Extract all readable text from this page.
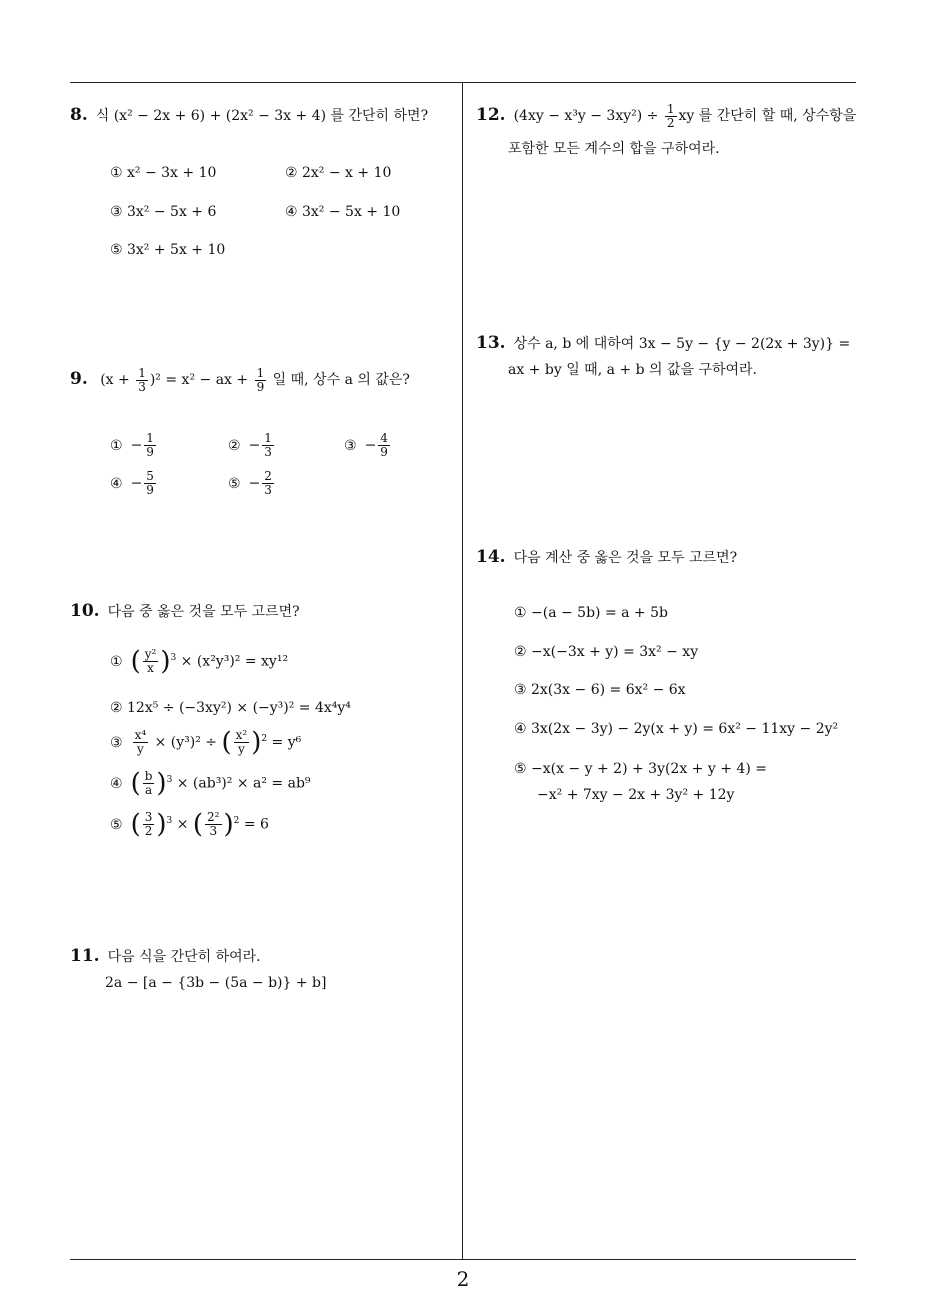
2
8. 식 (x² − 2x + 6) + (2x² − 3x + 4) 를 간단히 하면?
① x² − 3x + 10	② 2x² − x + 10
③ 3x² − 5x + 6	④ 3x² − 5x + 10
⑤ 3x² + 5x + 10
9. $(x + \frac{1}{3} )^2 = x^2$ − ax + $\frac{1}{9}$ 일 때, 상수 a 의 값은?
① − $\frac{1}{9}$	② − $\frac{1}{3}$	③ − $\frac{4}{9}$
④ − $\frac{5}{9}$	⑤ − $\frac{2}{3}$
10. 다음 중 옳은 것을 모두 고르면?
① ( $\frac{\text{y²}}{x} )^3 \times (x^2y^3)^2 = xy^{12}$
② 12x⁵ ÷ (−3xy²) × (−y³)² = 4x⁴y⁴
③ $\frac{\text{x⁴}}{y} \times (y^3)^2$ ÷ ( $\frac{\text{x²}}{y} )^2 = y^6$
④ ( $\frac{b}{a} )^3 \times (ab^3)^2 \times a^2 = ab^9$
⑤ ( $\frac{3}{2} )^3$ × ( $\frac{\text{2²}}{3} )^2 = 6$
11. 다음 식을 간단히 하여라.
2a − [a − {3b − (5a − b)} + b]
12. $(4xy - x^3y - 3xy^2) \div \frac{1}{2}$ xy 를 간단히 할 때, 상수항을
포함한 모든 계수의 합을 구하여라.
13. 상수 a, b 에 대하여 3x − 5y − {y − 2(2x + 3y)} =
ax + by 일 때, a + b 의 값을 구하여라.
14. 다음 계산 중 옳은 것을 모두 고르면?
① −(a − 5b) = a + 5b
② −x(−3x + y) = 3x² − xy
③ 2x(3x − 6) = 6x² − 6x
④ 3x(2x − 3y) − 2y(x + y) = 6x² − 11xy − 2y²
⑤ −x(x − y + 2) + 3y(2x + y + 4) =
−x² + 7xy − 2x + 3y² + 12y
